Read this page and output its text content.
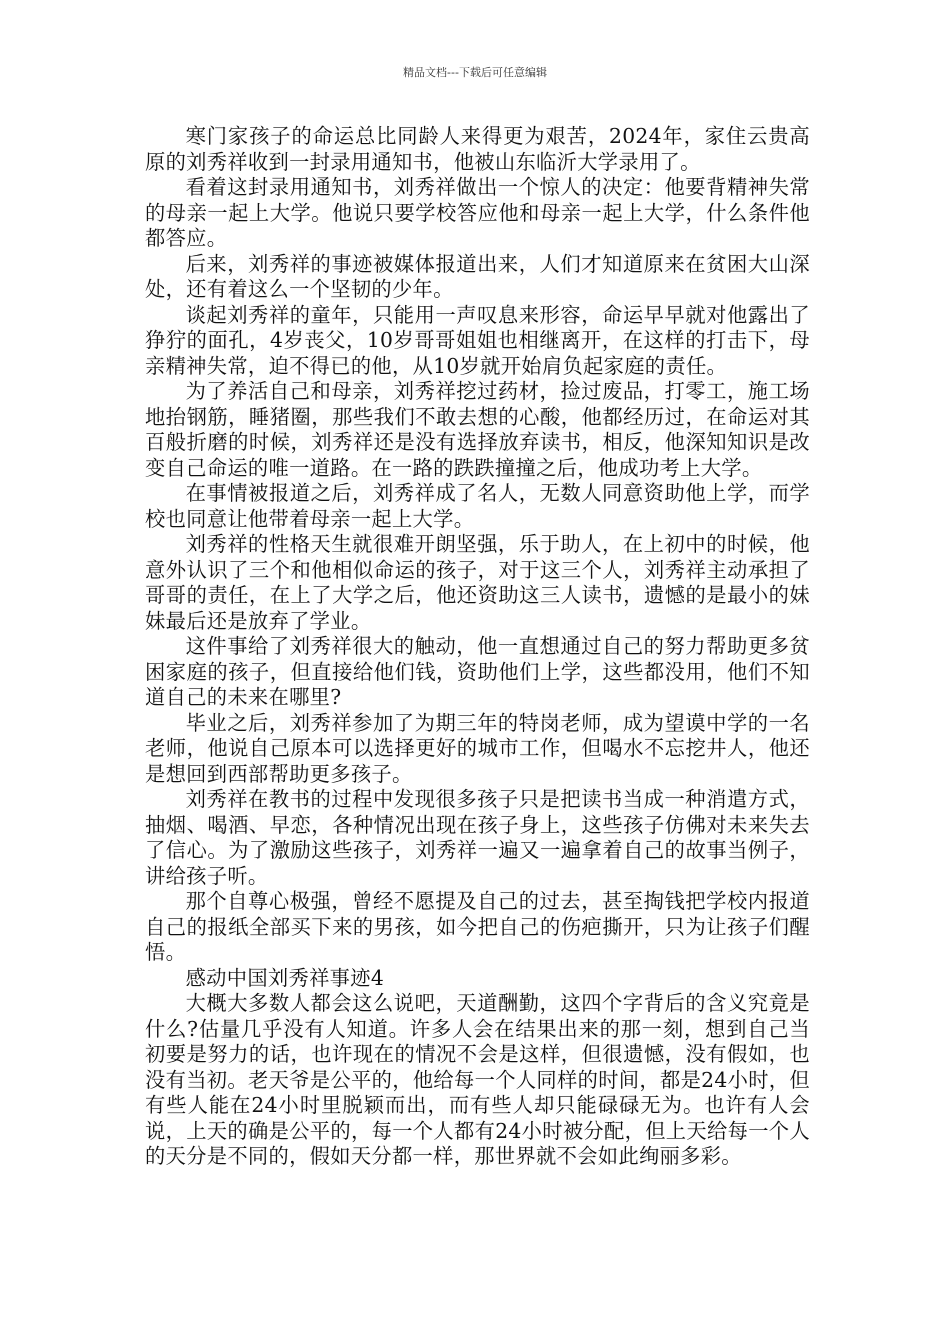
精品文档---下载后可任意编辑

寒门家孩子的命运总比同龄人来得更为艰苦，2024年，家住云贵高原的刘秀祥收到一封录用通知书，他被山东临沂大学录用了。

看着这封录用通知书，刘秀祥做出一个惊人的决定：他要背精神失常的母亲一起上大学。他说只要学校答应他和母亲一起上大学，什么条件他都答应。

后来，刘秀祥的事迹被媒体报道出来，人们才知道原来在贫困大山深处，还有着这么一个坚韧的少年。

谈起刘秀祥的童年，只能用一声叹息来形容，命运早早就对他露出了狰狞的面孔，4岁丧父，10岁哥哥姐姐也相继离开，在这样的打击下，母亲精神失常，迫不得已的他，从10岁就开始肩负起家庭的责任。

为了养活自己和母亲，刘秀祥挖过药材，捡过废品，打零工，施工场地抬钢筋，睡猪圈，那些我们不敢去想的心酸，他都经历过，在命运对其百般折磨的时候，刘秀祥还是没有选择放弃读书，相反，他深知知识是改变自己命运的唯一道路。在一路的跌跌撞撞之后，他成功考上大学。

在事情被报道之后，刘秀祥成了名人，无数人同意资助他上学，而学校也同意让他带着母亲一起上大学。

刘秀祥的性格天生就很难开朗坚强，乐于助人，在上初中的时候，他意外认识了三个和他相似命运的孩子，对于这三个人，刘秀祥主动承担了哥哥的责任，在上了大学之后，他还资助这三人读书，遗憾的是最小的妹妹最后还是放弃了学业。

这件事给了刘秀祥很大的触动，他一直想通过自己的努力帮助更多贫困家庭的孩子，但直接给他们钱，资助他们上学，这些都没用，他们不知道自己的未来在哪里?

毕业之后，刘秀祥参加了为期三年的特岗老师，成为望谟中学的一名老师，他说自己原本可以选择更好的城市工作，但喝水不忘挖井人，他还是想回到西部帮助更多孩子。

刘秀祥在教书的过程中发现很多孩子只是把读书当成一种消遣方式，抽烟、喝酒、早恋，各种情况出现在孩子身上，这些孩子仿佛对未来失去了信心。为了激励这些孩子，刘秀祥一遍又一遍拿着自己的故事当例子，讲给孩子听。

那个自尊心极强，曾经不愿提及自己的过去，甚至掏钱把学校内报道自己的报纸全部买下来的男孩，如今把自己的伤疤撕开，只为让孩子们醒悟。

感动中国刘秀祥事迹4

大概大多数人都会这么说吧，天道酬勤，这四个字背后的含义究竟是什么?估量几乎没有人知道。许多人会在结果出来的那一刻，想到自己当初要是努力的话，也许现在的情况不会是这样，但很遗憾，没有假如，也没有当初。老天爷是公平的，他给每一个人同样的时间，都是24小时，但有些人能在24小时里脱颖而出，而有些人却只能碌碌无为。也许有人会说，上天的确是公平的，每一个人都有24小时被分配，但上天给每一个人的天分是不同的，假如天分都一样，那世界就不会如此绚丽多彩。
